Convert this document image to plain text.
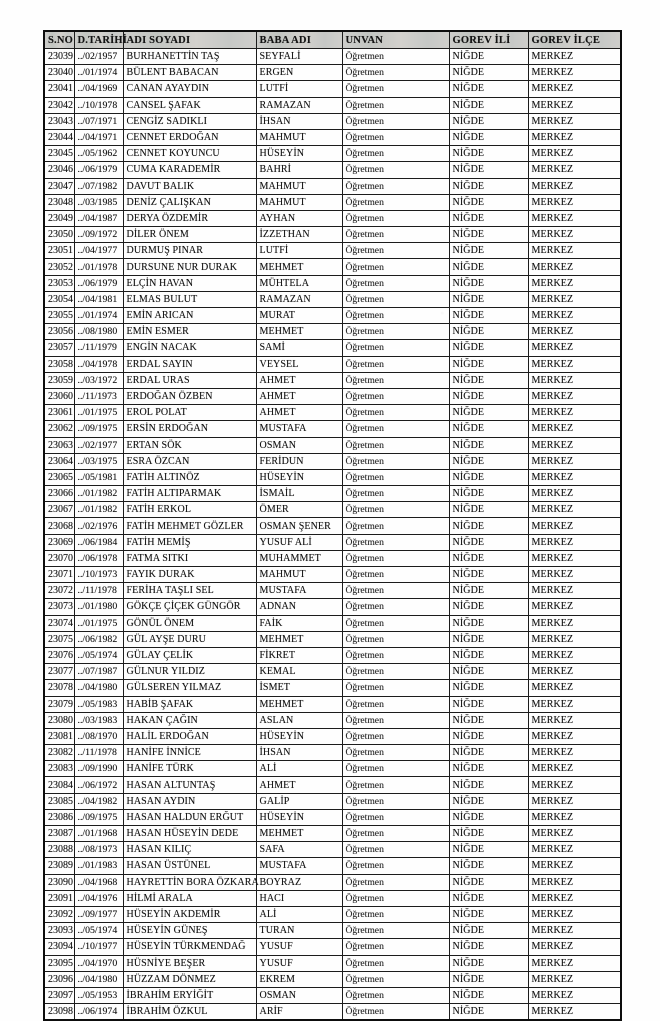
S.NO	D.TARİHİ	ADI SOYADI	BABA ADI	UNVAN	GOREV İLİ	GOREV İLÇE
23039	../02/1957	BURHANETTİN TAŞ	SEYFALİ	Öğretmen	NİĞDE	MERKEZ
23040	../01/1974	BÜLENT BABACAN	ERGEN	Öğretmen	NİĞDE	MERKEZ
23041	../04/1969	CANAN AYAYDIN	LUTFİ	Öğretmen	NİĞDE	MERKEZ
23042	../10/1978	CANSEL ŞAFAK	RAMAZAN	Öğretmen	NİĞDE	MERKEZ
23043	../07/1971	CENGİZ SADIKLI	İHSAN	Öğretmen	NİĞDE	MERKEZ
23044	../04/1971	CENNET ERDOĞAN	MAHMUT	Öğretmen	NİĞDE	MERKEZ
23045	../05/1962	CENNET KOYUNCU	HÜSEYİN	Öğretmen	NİĞDE	MERKEZ
23046	../06/1979	CUMA KARADEMİR	BAHRİ	Öğretmen	NİĞDE	MERKEZ
23047	../07/1982	DAVUT BALIK	MAHMUT	Öğretmen	NİĞDE	MERKEZ
23048	../03/1985	DENİZ ÇALIŞKAN	MAHMUT	Öğretmen	NİĞDE	MERKEZ
23049	../04/1987	DERYA ÖZDEMİR	AYHAN	Öğretmen	NİĞDE	MERKEZ
23050	../09/1972	DİLER ÖNEM	İZZETHAN	Öğretmen	NİĞDE	MERKEZ
23051	../04/1977	DURMUŞ PINAR	LUTFİ	Öğretmen	NİĞDE	MERKEZ
23052	../01/1978	DURSUNE NUR DURAK	MEHMET	Öğretmen	NİĞDE	MERKEZ
23053	../06/1979	ELÇİN HAVAN	MÜHTELA	Öğretmen	NİĞDE	MERKEZ
23054	../04/1981	ELMAS BULUT	RAMAZAN	Öğretmen	NİĞDE	MERKEZ
23055	../01/1974	EMİN ARICAN	MURAT	Öğretmen	NİĞDE	MERKEZ
23056	../08/1980	EMİN ESMER	MEHMET	Öğretmen	NİĞDE	MERKEZ
23057	../11/1979	ENGİN NACAK	SAMİ	Öğretmen	NİĞDE	MERKEZ
23058	../04/1978	ERDAL SAYIN	VEYSEL	Öğretmen	NİĞDE	MERKEZ
23059	../03/1972	ERDAL URAS	AHMET	Öğretmen	NİĞDE	MERKEZ
23060	../11/1973	ERDOĞAN ÖZBEN	AHMET	Öğretmen	NİĞDE	MERKEZ
23061	../01/1975	EROL POLAT	AHMET	Öğretmen	NİĞDE	MERKEZ
23062	../09/1975	ERSİN ERDOĞAN	MUSTAFA	Öğretmen	NİĞDE	MERKEZ
23063	../02/1977	ERTAN SÖK	OSMAN	Öğretmen	NİĞDE	MERKEZ
23064	../03/1975	ESRA ÖZCAN	FERİDUN	Öğretmen	NİĞDE	MERKEZ
23065	../05/1981	FATİH ALTINÖZ	HÜSEYİN	Öğretmen	NİĞDE	MERKEZ
23066	../01/1982	FATİH ALTIPARMAK	İSMAİL	Öğretmen	NİĞDE	MERKEZ
23067	../01/1982	FATİH ERKOL	ÖMER	Öğretmen	NİĞDE	MERKEZ
23068	../02/1976	FATİH MEHMET GÖZLER	OSMAN ŞENER	Öğretmen	NİĞDE	MERKEZ
23069	../06/1984	FATİH MEMİŞ	YUSUF ALİ	Öğretmen	NİĞDE	MERKEZ
23070	../06/1978	FATMA SITKI	MUHAMMET	Öğretmen	NİĞDE	MERKEZ
23071	../10/1973	FAYIK DURAK	MAHMUT	Öğretmen	NİĞDE	MERKEZ
23072	../11/1978	FERİHA TAŞLI SEL	MUSTAFA	Öğretmen	NİĞDE	MERKEZ
23073	../01/1980	GÖKÇE ÇİÇEK GÜNGÖR	ADNAN	Öğretmen	NİĞDE	MERKEZ
23074	../01/1975	GÖNÜL ÖNEM	FAİK	Öğretmen	NİĞDE	MERKEZ
23075	../06/1982	GÜL AYŞE DURU	MEHMET	Öğretmen	NİĞDE	MERKEZ
23076	../05/1974	GÜLAY ÇELİK	FİKRET	Öğretmen	NİĞDE	MERKEZ
23077	../07/1987	GÜLNUR YILDIZ	KEMAL	Öğretmen	NİĞDE	MERKEZ
23078	../04/1980	GÜLSEREN YILMAZ	İSMET	Öğretmen	NİĞDE	MERKEZ
23079	../05/1983	HABİB ŞAFAK	MEHMET	Öğretmen	NİĞDE	MERKEZ
23080	../03/1983	HAKAN ÇAĞIN	ASLAN	Öğretmen	NİĞDE	MERKEZ
23081	../08/1970	HALİL ERDOĞAN	HÜSEYİN	Öğretmen	NİĞDE	MERKEZ
23082	../11/1978	HANİFE İNNİCE	İHSAN	Öğretmen	NİĞDE	MERKEZ
23083	../09/1990	HANİFE TÜRK	ALİ	Öğretmen	NİĞDE	MERKEZ
23084	../06/1972	HASAN ALTUNTAŞ	AHMET	Öğretmen	NİĞDE	MERKEZ
23085	../04/1982	HASAN AYDIN	GALİP	Öğretmen	NİĞDE	MERKEZ
23086	../09/1975	HASAN HALDUN ERĞUT	HÜSEYİN	Öğretmen	NİĞDE	MERKEZ
23087	../01/1968	HASAN HÜSEYİN DEDE	MEHMET	Öğretmen	NİĞDE	MERKEZ
23088	../08/1973	HASAN KILIÇ	SAFA	Öğretmen	NİĞDE	MERKEZ
23089	../01/1983	HASAN ÜSTÜNEL	MUSTAFA	Öğretmen	NİĞDE	MERKEZ
23090	../04/1968	HAYRETTİN BORA ÖZKARA	BOYRAZ	Öğretmen	NİĞDE	MERKEZ
23091	../04/1976	HİLMİ ARALA	HACI	Öğretmen	NİĞDE	MERKEZ
23092	../09/1977	HÜSEYİN AKDEMİR	ALİ	Öğretmen	NİĞDE	MERKEZ
23093	../05/1974	HÜSEYİN GÜNEŞ	TURAN	Öğretmen	NİĞDE	MERKEZ
23094	../10/1977	HÜSEYİN TÜRKMENDAĞ	YUSUF	Öğretmen	NİĞDE	MERKEZ
23095	../04/1970	HÜSNİYE BEŞER	YUSUF	Öğretmen	NİĞDE	MERKEZ
23096	../04/1980	HÜZZAM DÖNMEZ	EKREM	Öğretmen	NİĞDE	MERKEZ
23097	../05/1953	İBRAHİM ERYİĞİT	OSMAN	Öğretmen	NİĞDE	MERKEZ
23098	../06/1974	İBRAHİM ÖZKUL	ARİF	Öğretmen	NİĞDE	MERKEZ
